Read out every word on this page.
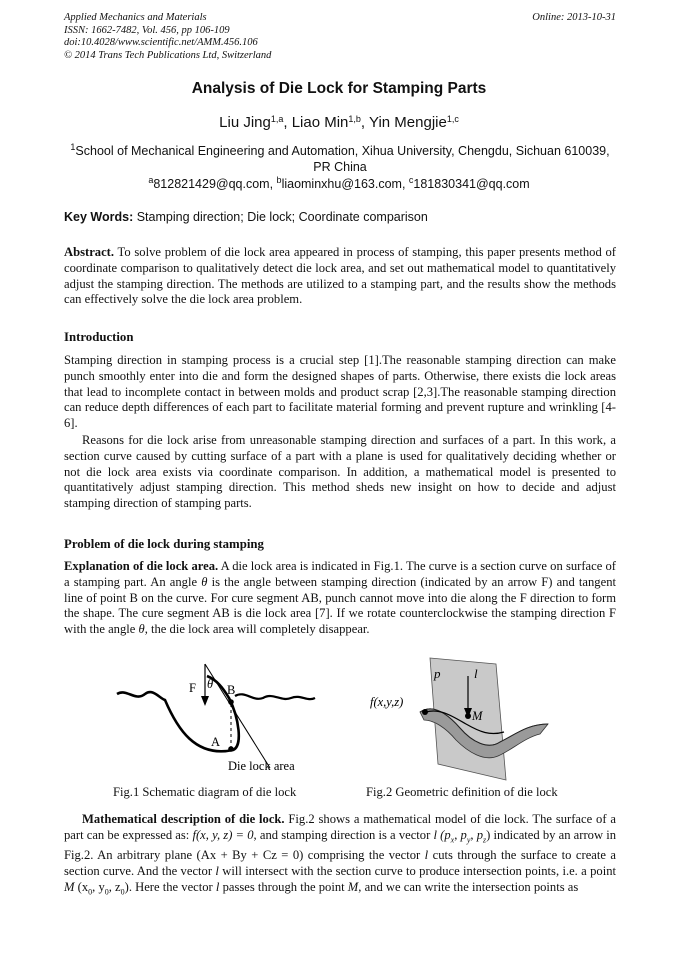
Applied Mechanics and Materials
ISSN: 1662-7482, Vol. 456, pp 106-109
doi:10.4028/www.scientific.net/AMM.456.106
© 2014 Trans Tech Publications Ltd, Switzerland
Online: 2013-10-31
Analysis of Die Lock for Stamping Parts
Liu Jing$^{1,a}$, Liao Min$^{1,b}$, Yin Mengjie$^{1,c}$
$^1$School of Mechanical Engineering and Automation, Xihua University, Chengdu, Sichuan 610039, PR China
$^a$812821429@qq.com, $^b$liaominxhu@163.com, $^c$181830341@qq.com
Key Words: Stamping direction; Die lock; Coordinate comparison

Abstract. To solve problem of die lock area appeared in process of stamping, this paper presents method of coordinate comparison to qualitatively detect die lock area, and set out mathematical model to quantitatively adjust the stamping direction. The methods are utilized to a stamping part, and the results show the methods can effectively solve the die lock area problem.

Introduction

Stamping direction in stamping process is a crucial step [1].The reasonable stamping direction can make punch smoothly enter into die and form the designed shapes of parts. Otherwise, there exists die lock areas that lead to incomplete contact in between molds and product scrap [2,3].The reasonable stamping direction can reduce depth differences of each part to facilitate material forming and prevent rupture and wrinkling [4-6].

Reasons for die lock arise from unreasonable stamping direction and surfaces of a part. In this work, a section curve caused by cutting surface of a part with a plane is used for qualitatively deciding whether or not die lock area exists via coordinate comparison. In addition, a mathematical model is presented to quantitatively adjust stamping direction. This method sheds new insight on how to decide and adjust stamping direction of stamping parts.

Problem of die lock during stamping

Explanation of die lock area. A die lock area is indicated in Fig.1. The curve is a section curve on surface of a stamping part. An angle θ is the angle between stamping direction (indicated by an arrow F) and tangent line of point B on the curve. For cure segment AB, punch cannot move into die along the F direction to form the shape. The cure segment AB is die lock area [7]. If we rotate counterclockwise the stamping direction F with the angle θ, the die lock area will completely disappear.

F θ B
A
Die lock area
Fig.1 Schematic diagram of die lock
p	l
f(x,y,z)
M
Fig.2 Geometric definition of die lock

Mathematical description of die lock. Fig.2 shows a mathematical model of die lock. The surface of a part can be expressed as: f(x, y, z) = 0, and stamping direction is a vector l ($p_x$, $p_y$, $p_z$) indicated by an arrow in Fig.2. An arbitrary plane (Ax + By + Cz = 0) comprising the vector l cuts through the surface to create a section curve. And the vector l will intersect with the section curve to produce intersection points, i.e. a point M ($x_0$, $y_0$, $z_0$). Here the vector l passes through the point M, and we can write the intersection points as
